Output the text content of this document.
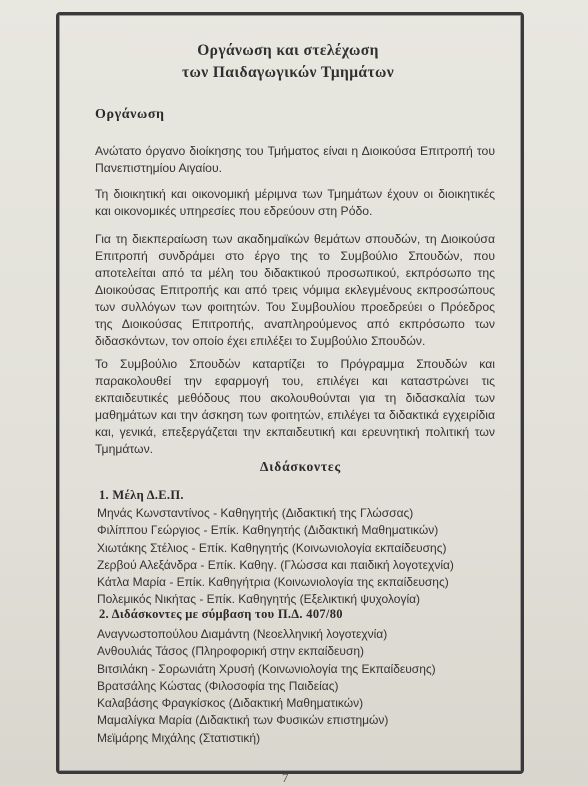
Οργάνωση και στελέχωση
των Παιδαγωγικών Τμημάτων
Οργάνωση
Ανώτατο όργανο διοίκησης του Τμήματος είναι η Διοικούσα Επιτροπή του Πανεπιστημίου Αιγαίου.
Τη διοικητική και οικονομική μέριμνα των Τμημάτων έχουν οι διοικητικές και οικονομικές υπηρεσίες που εδρεύουν στη Ρόδο.
Για τη διεκπεραίωση των ακαδημαϊκών θεμάτων σπουδών, τη Διοικούσα Επιτροπή συνδράμει στο έργο της το Συμβούλιο Σπουδών, που αποτελείται από τα μέλη του διδακτικού προσωπικού, εκπρόσωπο της Διοικούσας Επιτροπής και από τρεις νόμιμα εκλεγμένους εκπροσώπους των συλλόγων των φοιτητών. Του Συμβουλίου προεδρεύει ο Πρόεδρος της Διοικούσας Επιτροπής, αναπληρούμενος από εκπρόσωπο των διδασκόντων, τον οποίο έχει επιλέξει το Συμβούλιο Σπουδών.
Το Συμβούλιο Σπουδών καταρτίζει το Πρόγραμμα Σπουδών και παρακολουθεί την εφαρμογή του, επιλέγει και καταστρώνει τις εκπαιδευτικές μεθόδους που ακολουθούνται για τη διδασκαλία των μαθημάτων και την άσκηση των φοιτητών, επιλέγει τα διδακτικά εγχειρίδια και, γενικά, επεξεργάζεται την εκπαιδευτική και ερευνητική πολιτική των Τμημάτων.
Διδάσκοντες
1. Μέλη Δ.Ε.Π.
Μηνάς Κωνσταντίνος - Καθηγητής (Διδακτική της Γλώσσας)
Φιλίππου Γεώργιος - Επίκ. Καθηγητής (Διδακτική Μαθηματικών)
Χιωτάκης Στέλιος - Επίκ. Καθηγητής (Κοινωνιολογία εκπαίδευσης)
Ζερβού Αλεξάνδρα - Επίκ. Καθηγ. (Γλώσσα και παιδική λογοτεχνία)
Κάτλα Μαρία - Επίκ. Καθηγήτρια (Κοινωνιολογία της εκπαίδευσης)
Πολεμικός Νικήτας - Επίκ. Καθηγητής (Εξελικτική ψυχολογία)
2. Διδάσκοντες με σύμβαση του Π.Δ. 407/80
Αναγνωστοπούλου Διαμάντη (Νεοελληνική λογοτεχνία)
Ανθουλιάς Τάσος (Πληροφορική στην εκπαίδευση)
Βιτσιλάκη - Σορωνιάτη Χρυσή (Κοινωνιολογία της Εκπαίδευσης)
Βρατσάλης Κώστας (Φιλοσοφία της Παιδείας)
Καλαβάσης Φραγκίσκος (Διδακτική Μαθηματικών)
Μαμαλίγκα Μαρία (Διδακτική των Φυσικών επιστημών)
Μεϊμάρης Μιχάλης (Στατιστική)
7
